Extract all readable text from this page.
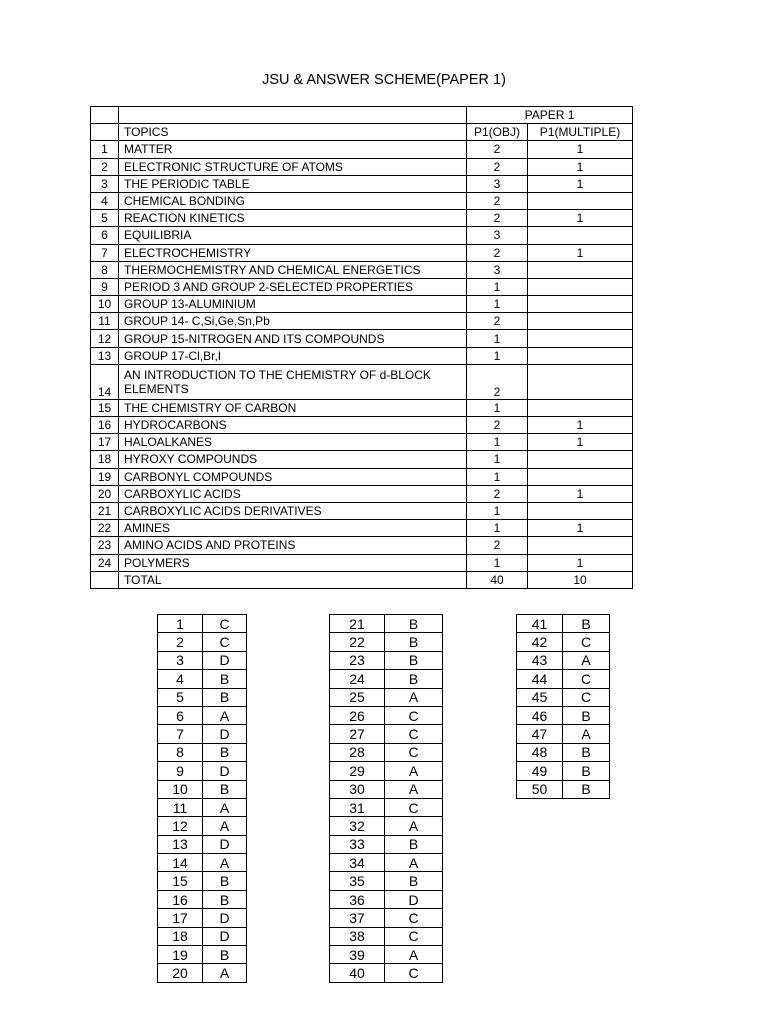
JSU & ANSWER SCHEME(PAPER 1)
		PAPER 1	
	TOPICS	P1(OBJ)	P1(MULTIPLE)
1	MATTER	2	1
2	ELECTRONIC STRUCTURE OF ATOMS	2	1
3	THE PERIODIC TABLE	3	1
4	CHEMICAL BONDING	2	
5	REACTION KINETICS	2	1
6	EQUILIBRIA	3	
7	ELECTROCHEMISTRY	2	1
8	THERMOCHEMISTRY AND CHEMICAL ENERGETICS	3	
9	PERIOD 3 AND GROUP 2-SELECTED PROPERTIES	1	
10	GROUP 13-ALUMINIUM	1	
11	GROUP 14- C,Si,Ge,Sn,Pb	2	
12	GROUP 15-NITROGEN AND ITS COMPOUNDS	1	
13	GROUP 17-Cl,Br,I	1	
14	AN INTRODUCTION TO THE CHEMISTRY OF d-BLOCK ELEMENTS	2	
15	THE CHEMISTRY OF CARBON	1	
16	HYDROCARBONS	2	1
17	HALOALKANES	1	1
18	HYROXY COMPOUNDS	1	
19	CARBONYL COMPOUNDS	1	
20	CARBOXYLIC ACIDS	2	1
21	CARBOXYLIC ACIDS DERIVATIVES	1	
22	AMINES	1	1
23	AMINO ACIDS AND PROTEINS	2	
24	POLYMERS	1	1
	TOTAL	40	10
1	C
2	C
3	D
4	B
5	B
6	A
7	D
8	B
9	D
10	B
11	A
12	A
13	D
14	A
15	B
16	B
17	D
18	D
19	B
20	A
21	B
22	B
23	B
24	B
25	A
26	C
27	C
28	C
29	A
30	A
31	C
32	A
33	B
34	A
35	B
36	D
37	C
38	C
39	A
40	C
41	B
42	C
43	A
44	C
45	C
46	B
47	A
48	B
49	B
50	B
